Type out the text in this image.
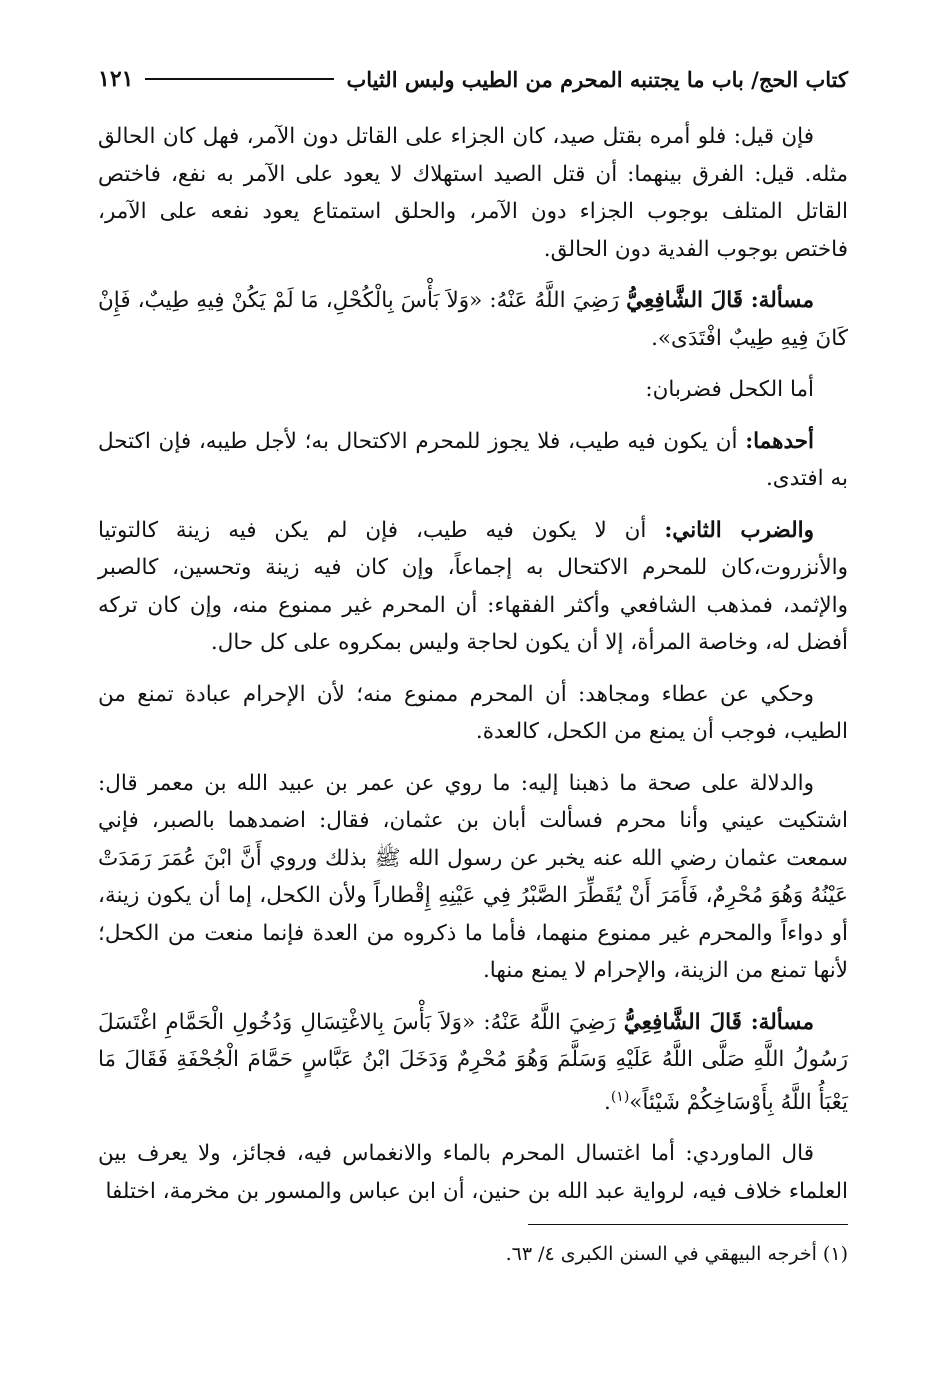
كتاب الحج/ باب ما يجتنبه المحرم من الطيب ولبس الثياب
١٢١

فإن قيل: فلو أمره بقتل صيد، كان الجزاء على القاتل دون الآمر، فهل كان الحالق مثله. قيل: الفرق بينهما: أن قتل الصيد استهلاك لا يعود على الآمر به نفع، فاختص القاتل المتلف بوجوب الجزاء دون الآمر، والحلق استمتاع يعود نفعه على الآمر، فاختص بوجوب الفدية دون الحالق.

مسألة: قَالَ الشَّافِعِيُّ رَضِيَ اللَّهُ عَنْهُ: «وَلاَ بَأْسَ بِالْكُحْلِ، مَا لَمْ يَكُنْ فِيهِ طِيبٌ، فَإِنْ كَانَ فِيهِ طِيبٌ افْتَدَى».

أما الكحل فضربان:

أحدهما: أن يكون فيه طيب، فلا يجوز للمحرم الاكتحال به؛ لأجل طيبه، فإن اكتحل به افتدى.

والضرب الثاني: أن لا يكون فيه طيب، فإن لم يكن فيه زينة كالتوتيا والأنزروت،كان للمحرم الاكتحال به إجماعاً، وإن كان فيه زينة وتحسين، كالصبر والإثمد، فمذهب الشافعي وأكثر الفقهاء: أن المحرم غير ممنوع منه، وإن كان تركه أفضل له، وخاصة المرأة، إلا أن يكون لحاجة وليس بمكروه على كل حال.

وحكي عن عطاء ومجاهد: أن المحرم ممنوع منه؛ لأن الإحرام عبادة تمنع من الطيب، فوجب أن يمنع من الكحل، كالعدة.

والدلالة على صحة ما ذهبنا إليه: ما روي عن عمر بن عبيد الله بن معمر قال: اشتكيت عيني وأنا محرم فسألت أبان بن عثمان، فقال: اضمدهما بالصبر، فإني سمعت عثمان رضي الله عنه يخبر عن رسول الله ﷺ بذلك وروي أَنَّ ابْنَ عُمَرَ رَمَدَتْ عَيْنُهُ وَهُوَ مُحْرِمٌ، فَأَمَرَ أَنْ يُقَطِّرَ الصَّبْرُ فِي عَيْنِهِ إِقْطاراً ولأن الكحل، إما أن يكون زينة، أو دواءاً والمحرم غير ممنوع منهما، فأما ما ذكروه من العدة فإنما منعت من الكحل؛ لأنها تمنع من الزينة، والإحرام لا يمنع منها.

مسألة: قَالَ الشَّافِعِيُّ رَضِيَ اللَّهُ عَنْهُ: «وَلاَ بَأْسَ بِالاغْتِسَالِ وَدُخُولِ الْحَمَّامِ اغْتَسَلَ رَسُولُ اللَّهِ صَلَّى اللَّهُ عَلَيْهِ وَسَلَّمَ وَهُوَ مُحْرِمٌ وَدَخَلَ ابْنُ عَبَّاسٍ حَمَّامَ الْجُحْفَةِ فَقَالَ مَا يَعْبَأُ اللَّهُ بِأَوْسَاخِكُمْ شَيْئاً»$^{(١)}$.

قال الماوردي: أما اغتسال المحرم بالماء والانغماس فيه، فجائز، ولا يعرف بين العلماء خلاف فيه، لرواية عبد الله بن حنين، أن ابن عباس والمسور بن مخرمة، اختلفا

(١) أخرجه البيهقي في السنن الكبرى ٤/ ٦٣.
